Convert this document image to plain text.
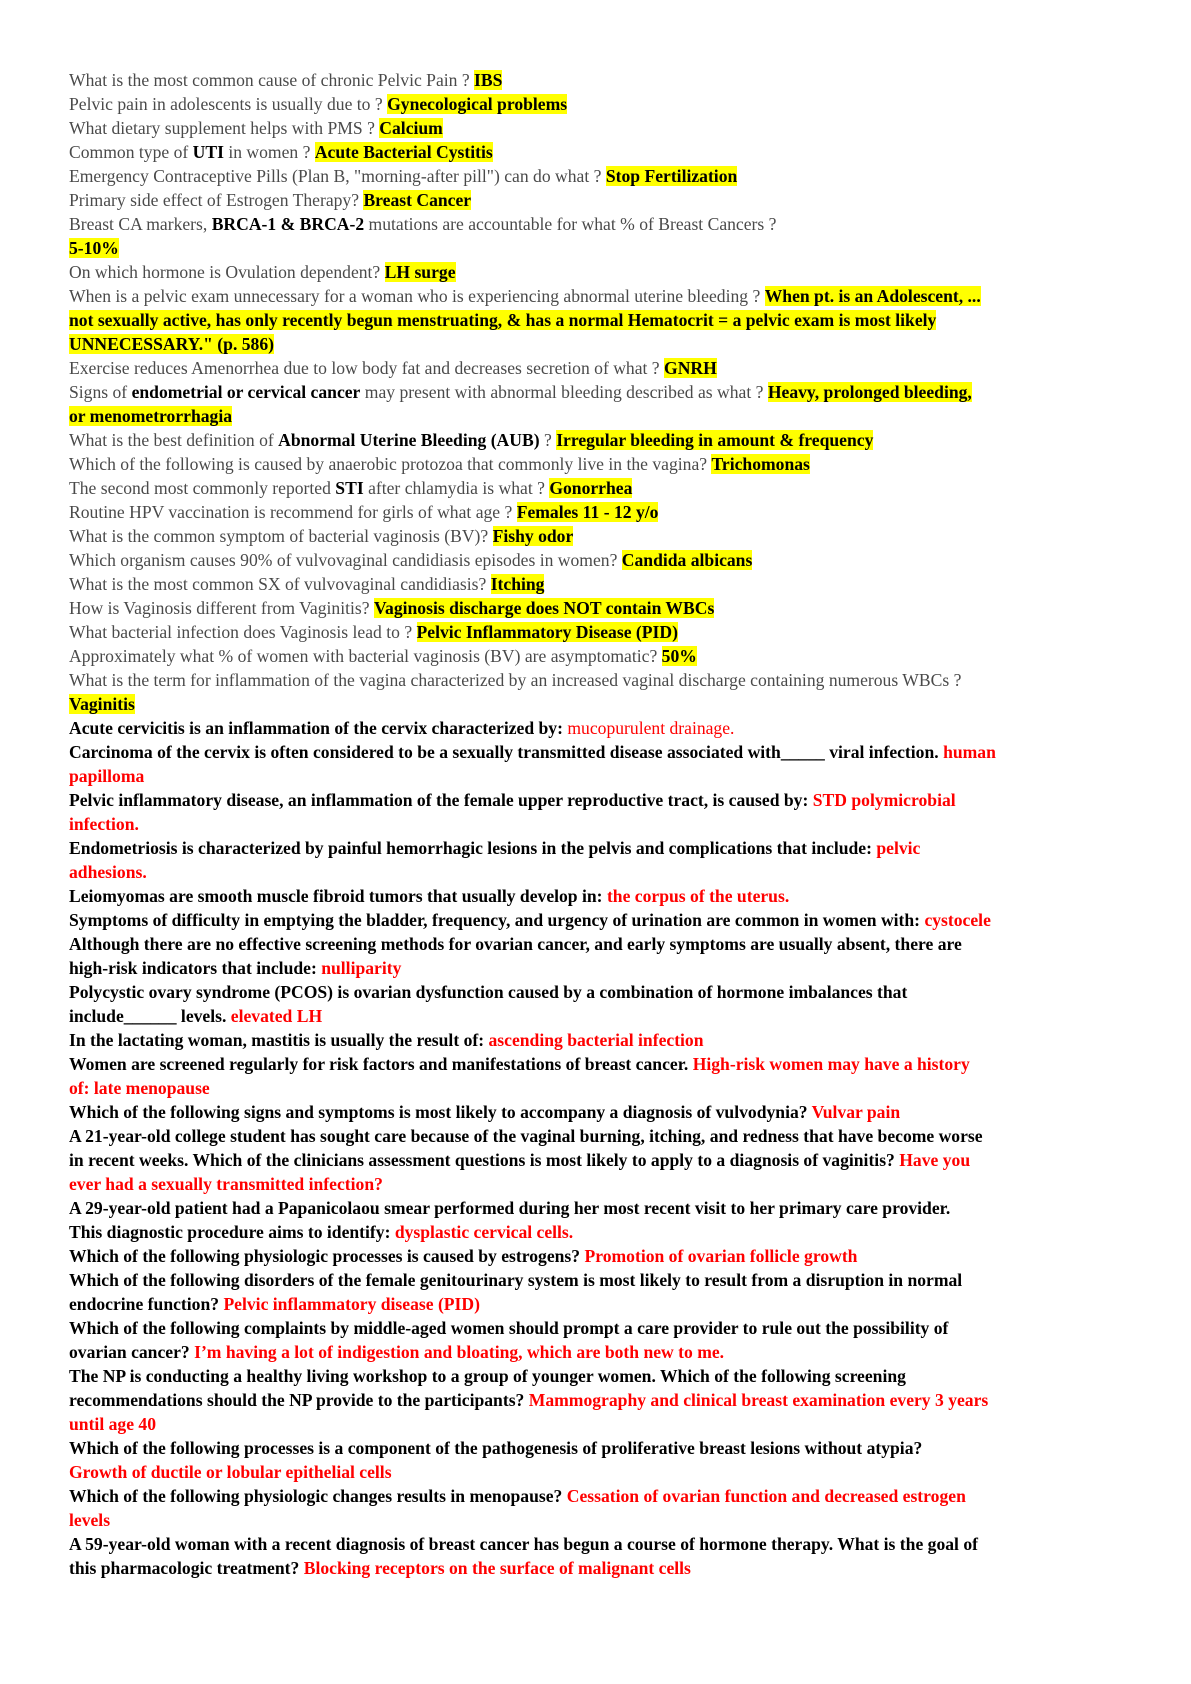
What is the most common cause of chronic Pelvic Pain ? IBS

Pelvic pain in adolescents is usually due to ? Gynecological problems

What dietary supplement helps with PMS ? Calcium

Common type of UTI in women ? Acute Bacterial Cystitis

Emergency Contraceptive Pills (Plan B, "morning-after pill") can do what ? Stop Fertilization

Primary side effect of Estrogen Therapy? Breast Cancer

Breast CA markers, BRCA-1 & BRCA-2 mutations are accountable for what % of Breast Cancers ?

5-10%

On which hormone is Ovulation dependent? LH surge

When is a pelvic exam unnecessary for a woman who is experiencing abnormal uterine bleeding ? When pt. is an Adolescent, ...

not sexually active, has only recently begun menstruating, & has a normal Hematocrit = a pelvic exam is most likely

UNNECESSARY." (p. 586)

Exercise reduces Amenorrhea due to low body fat and decreases secretion of what ? GNRH

Signs of endometrial or cervical cancer may present with abnormal bleeding described as what ? Heavy, prolonged bleeding,

or menometrorrhagia

What is the best definition of Abnormal Uterine Bleeding (AUB) ? Irregular bleeding in amount & frequency

Which of the following is caused by anaerobic protozoa that commonly live in the vagina? Trichomonas

The second most commonly reported STI after chlamydia is what ? Gonorrhea

Routine HPV vaccination is recommend for girls of what age ? Females 11 - 12 y/o

What is the common symptom of bacterial vaginosis (BV)? Fishy odor

Which organism causes 90% of vulvovaginal candidiasis episodes in women? Candida albicans

What is the most common SX of vulvovaginal candidiasis? Itching

How is Vaginosis different from Vaginitis? Vaginosis discharge does NOT contain WBCs

What bacterial infection does Vaginosis lead to ? Pelvic Inflammatory Disease (PID)

Approximately what % of women with bacterial vaginosis (BV) are asymptomatic? 50%

What is the term for inflammation of the vagina characterized by an increased vaginal discharge containing numerous WBCs ?

Vaginitis

Acute cervicitis is an inflammation of the cervix characterized by: mucopurulent drainage.

Carcinoma of the cervix is often considered to be a sexually transmitted disease associated with_____ viral infection. human

papilloma

Pelvic inflammatory disease, an inflammation of the female upper reproductive tract, is caused by: STD polymicrobial

infection.

Endometriosis is characterized by painful hemorrhagic lesions in the pelvis and complications that include: pelvic

adhesions.

Leiomyomas are smooth muscle fibroid tumors that usually develop in: the corpus of the uterus.

Symptoms of difficulty in emptying the bladder, frequency, and urgency of urination are common in women with: cystocele

Although there are no effective screening methods for ovarian cancer, and early symptoms are usually absent, there are

high-risk indicators that include: nulliparity

Polycystic ovary syndrome (PCOS) is ovarian dysfunction caused by a combination of hormone imbalances that

include______ levels. elevated LH

In the lactating woman, mastitis is usually the result of: ascending bacterial infection

Women are screened regularly for risk factors and manifestations of breast cancer. High-risk women may have a history

of: late menopause

Which of the following signs and symptoms is most likely to accompany a diagnosis of vulvodynia? Vulvar pain

A 21-year-old college student has sought care because of the vaginal burning, itching, and redness that have become worse

in recent weeks. Which of the clinicians assessment questions is most likely to apply to a diagnosis of vaginitis? Have you

ever had a sexually transmitted infection?

A 29-year-old patient had a Papanicolaou smear performed during her most recent visit to her primary care provider.

This diagnostic procedure aims to identify: dysplastic cervical cells.

Which of the following physiologic processes is caused by estrogens? Promotion of ovarian follicle growth

Which of the following disorders of the female genitourinary system is most likely to result from a disruption in normal

endocrine function? Pelvic inflammatory disease (PID)

Which of the following complaints by middle-aged women should prompt a care provider to rule out the possibility of

ovarian cancer? I’m having a lot of indigestion and bloating, which are both new to me.

The NP is conducting a healthy living workshop to a group of younger women. Which of the following screening

recommendations should the NP provide to the participants? Mammography and clinical breast examination every 3 years

until age 40

Which of the following processes is a component of the pathogenesis of proliferative breast lesions without atypia?

Growth of ductile or lobular epithelial cells

Which of the following physiologic changes results in menopause? Cessation of ovarian function and decreased estrogen

levels

A 59-year-old woman with a recent diagnosis of breast cancer has begun a course of hormone therapy. What is the goal of

this pharmacologic treatment? Blocking receptors on the surface of malignant cells
